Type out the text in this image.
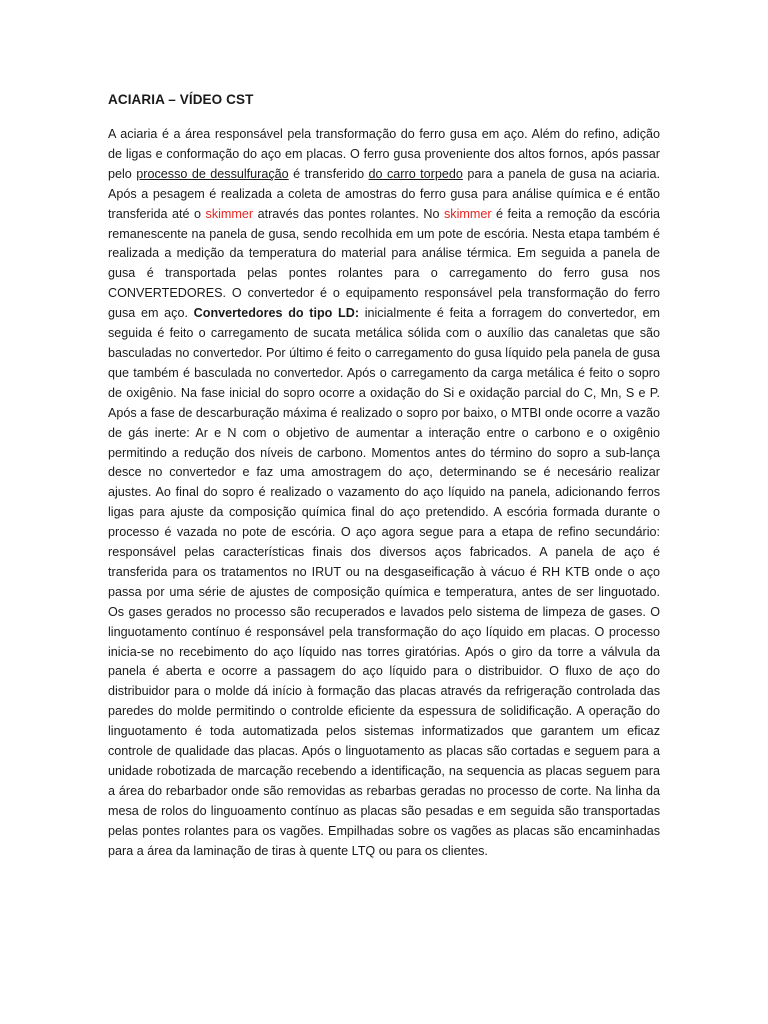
ACIARIA – VÍDEO CST

A aciaria é a área responsável pela transformação do ferro gusa em aço. Além do refino, adição de ligas e conformação do aço em placas. O ferro gusa proveniente dos altos fornos, após passar pelo processo de dessulfuração é transferido do carro torpedo para a panela de gusa na aciaria. Após a pesagem é realizada a coleta de amostras do ferro gusa para análise química e é então transferida até o skimmer através das pontes rolantes. No skimmer é feita a remoção da escória remanescente na panela de gusa, sendo recolhida em um pote de escória. Nesta etapa também é realizada a medição da temperatura do material para análise térmica. Em seguida a panela de gusa é transportada pelas pontes rolantes para o carregamento do ferro gusa nos CONVERTEDORES. O convertedor é o equipamento responsável pela transformação do ferro gusa em aço. Convertedores do tipo LD: inicialmente é feita a forragem do convertedor, em seguida é feito o carregamento de sucata metálica sólida com o auxílio das canaletas que são basculadas no convertedor. Por último é feito o carregamento do gusa líquido pela panela de gusa que também é basculada no convertedor. Após o carregamento da carga metálica é feito o sopro de oxigênio. Na fase inicial do sopro ocorre a oxidação do Si e oxidação parcial do C, Mn, S e P. Após a fase de descarburação máxima é realizado o sopro por baixo, o MTBI onde ocorre a vazão de gás inerte: Ar e N com o objetivo de aumentar a interação entre o carbono e o oxigênio permitindo a redução dos níveis de carbono. Momentos antes do término do sopro a sub-lança desce no convertedor e faz uma amostragem do aço, determinando se é necesário realizar ajustes. Ao final do sopro é realizado o vazamento do aço líquido na panela, adicionando ferros ligas para ajuste da composição química final do aço pretendido. A escória formada durante o processo é vazada no pote de escória. O aço agora segue para a etapa de refino secundário: responsável pelas características finais dos diversos aços fabricados. A panela de aço é transferida para os tratamentos no IRUT ou na desgaseificação à vácuo é RH KTB onde o aço passa por uma série de ajustes de composição química e temperatura, antes de ser linguotado. Os gases gerados no processo são recuperados e lavados pelo sistema de limpeza de gases. O linguotamento contínuo é responsável pela transformação do aço líquido em placas. O processo inicia-se no recebimento do aço líquido nas torres giratórias. Após o giro da torre a válvula da panela é aberta e ocorre a passagem do aço líquido para o distribuidor. O fluxo de aço do distribuidor para o molde dá início à formação das placas através da refrigeração controlada das paredes do molde permitindo o controlde eficiente da espessura de solidificação. A operação do linguotamento é toda automatizada pelos sistemas informatizados que garantem um eficaz controle de qualidade das placas. Após o linguotamento as placas são cortadas e seguem para a unidade robotizada de marcação recebendo a identificação, na sequencia as placas seguem para a área do rebarbador onde são removidas as rebarbas geradas no processo de corte. Na linha da mesa de rolos do linguoamento contínuo as placas são pesadas e em seguida são transportadas pelas pontes rolantes para os vagões. Empilhadas sobre os vagões as placas são encaminhadas para a área da laminação de tiras à quente LTQ ou para os clientes.
